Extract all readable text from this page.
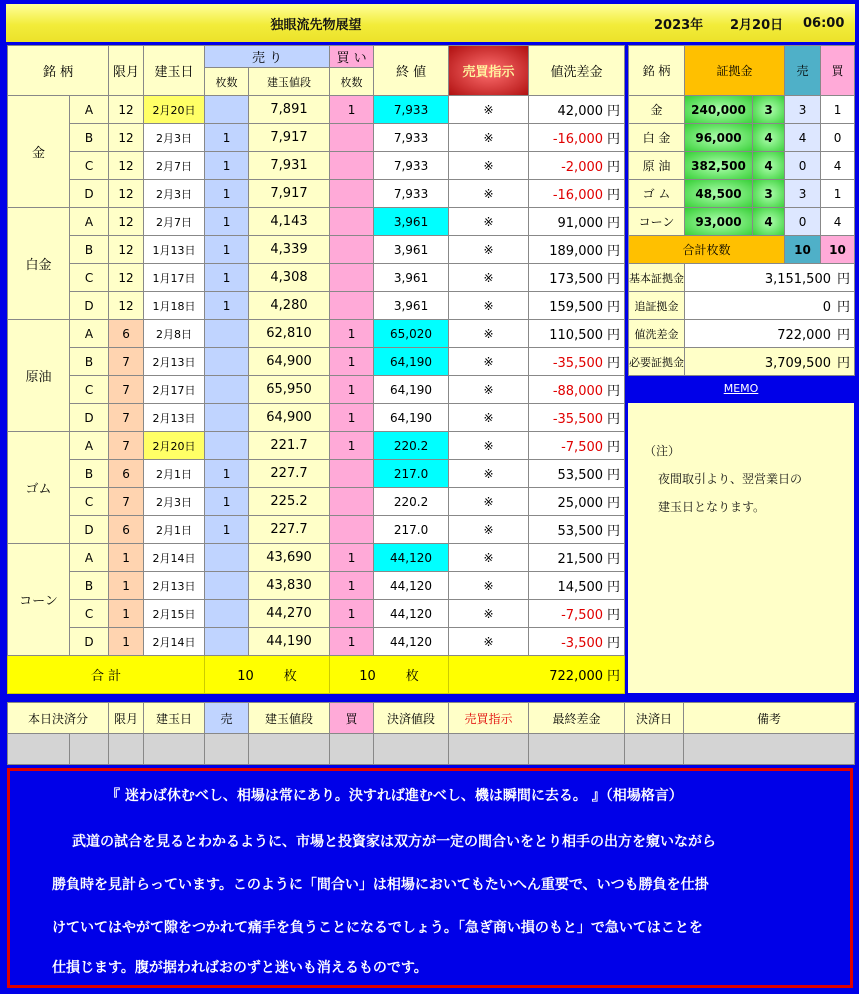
独眼流先物展望	2023年 2月20日 06:00
銘 柄		限月	建玉日	売 り		買 い	終 値	売買指示	値洗差金
				枚数	建玉値段	枚数			
金	A	12	2月20日		7,891	1	7,933	※	42,000 円
	B	12	2月3日	1	7,917		7,933	※	-16,000 円
	C	12	2月7日	1	7,931		7,933	※	-2,000 円
	D	12	2月3日	1	7,917		7,933	※	-16,000 円
白金	A	12	2月7日	1	4,143		3,961	※	91,000 円
	B	12	1月13日	1	4,339		3,961	※	189,000 円
	C	12	1月17日	1	4,308		3,961	※	173,500 円
	D	12	1月18日	1	4,280		3,961	※	159,500 円
原油	A	6	2月8日		62,810	1	65,020	※	110,500 円
	B	7	2月13日		64,900	1	64,190	※	-35,500 円
	C	7	2月17日		65,950	1	64,190	※	-88,000 円
	D	7	2月13日		64,900	1	64,190	※	-35,500 円
ゴム	A	7	2月20日		221.7	1	220.2	※	-7,500 円
	B	6	2月1日	1	227.7		217.0	※	53,500 円
	C	7	2月3日	1	225.2		220.2	※	25,000 円
	D	6	2月1日	1	227.7		217.0	※	53,500 円
コーン	A	1	2月14日		43,690	1	44,120	※	21,500 円
	B	1	2月13日		43,830	1	44,120	※	14,500 円
	C	1	2月15日		44,270	1	44,120	※	-7,500 円
	D	1	2月14日		44,190	1	44,120	※	-3,500 円
合 計				10 枚		10 枚		722,000 円	
銘 柄	証拠金		売	買
金	240,000	3	3	1
白 金	96,000	4	4	0
原 油	382,500	4	0	4
ゴ ム	48,500	3	3	1
コーン	93,000	4	0	4
合計枚数			10	10
基本証拠金	3,151,500 円			
追証拠金	0 円			
値洗差金	722,000 円			
必要証拠金	3,709,500 円			
MEMO
（注）
夜間取引より、翌営業日の
建玉日となります。
本日決済分		限月	建玉日	売	建玉値段	買	決済値段	売買指示	最終差金	決済日	備考

『 迷わば休むべし、相場は常にあり。決すれば進むべし、機は瞬間に去る。 』（相場格言）

武道の試合を見るとわかるように、市場と投資家は双方が一定の間合いをとり相手の出方を窺いながら

勝負時を見計らっています。このように「間合い」は相場においてもたいへん重要で、いつも勝負を仕掛

けていてはやがて隙をつかれて痛手を負うことになるでしょう。「急ぎ商い損のもと」で急いてはことを

仕損じます。腹が据わればおのずと迷いも消えるものです。
